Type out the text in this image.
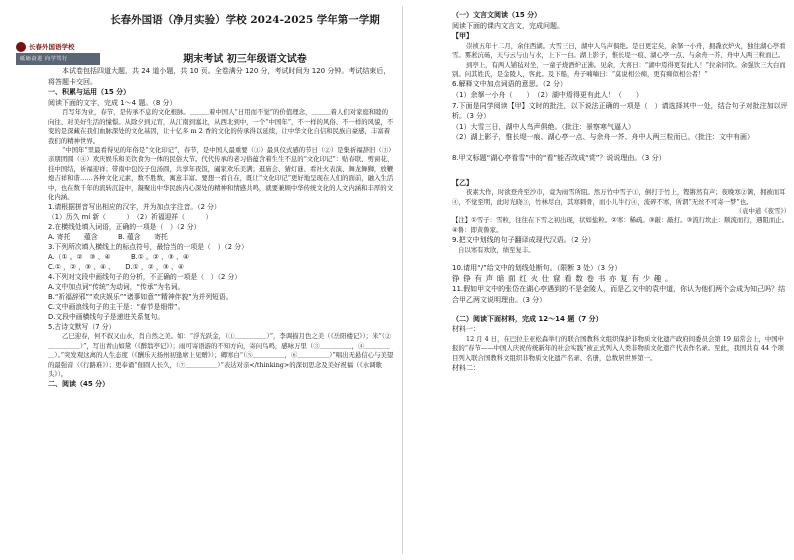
长春外国语学校
砥砺奋进 向学笃行
长春外国语（净月实验）学校 2024-2025 学年第一学期
期末考试 初三年级语文试卷

本试卷包括四道大题，共 24 道小题，共 10 页。全卷满分 120 分，考试时间为 120 分钟。考试结束后，将答题卡交回。

一、积累与运用（15 分）

阅读下面的文字，完成 1～4 题。（8 分）

百写年为业，春节，是传承不息的文化根脉。＿＿＿着中国人“日用而不觉”的价值理念，＿＿＿着人们对家庭和睦的向往、对美好生活的憧憬。从除夕到元宵，从江南到塞北，从西北到中，一个“中国年”，不一样的风俗、不一样的风貌，不变的是深藏在我们血脉深处的文化基因，让十亿多 m 2 香的文化的传承得以延续，让中华文化自信和民族自豪感，丰富着我们的精神世界。

“中国年”里最看得见的年俗是“文化印记”，春节，是中国人最重要（①）最具仪式感的节日（②）是集祈福辞旧（③）亲朋团圆（④）欢庆娱乐和美饮食为一体的民俗大节。代代传承的老习俗蕴含着生生不息的“文化印记”：贴春联、剪窗花、挂中国结，祈福迎祥；带南中包饺子包汤圆，共享年夜饭，阖家欢乐美满；逛庙会、猜灯谜、看社火表演、舞龙舞狮，放鞭炮吉祥和谐……各种文化元素，数不胜数，寓意丰富。要想一看自在，既让“文化印记”更好地呈现在人们的面前，融入生活中，也在数千年的流转沉淀中，凝聚出中华民族内心深处的精神和情感共鸣，就要兼顾中华传统文化的人文内涵和丰厚的文化内涵。

1.请根据拼音写出相应的汉字，并为加点字注音。（2 分）

（1）历久 mí 新（　　　）　（2）祈福迎祥（　　　）

2.在横线处填入词语，正确的一项是（　）（2 分）

A. 寄托　　蕴含　　　B. 蕴含　　寄托

3.下列所次填入横线上的标点符号，最恰当的一项是（　）（2 分）

A.（① 。②　③ 、④　　　B.① 。② 、③ 、④

C.① ，② ，③ 、④ 、　　D.① ，② ，③ 、④

4.下列对文段中画线句子的分析，不正确的一项是（　）（2 分）

A.文中加点词“传统”为动词，“传承”为名词。

B.“祈福辞邪”“欢庆娱乐”“诸事如意”“精神伴貌”为并列短语。

C.文中画浪线句子的主干是：“春节是细带”。

D.文段中画横线句子是递进关系复句。

5.古诗文默写（7 分）

乙巳迎春，何不叙又山水，肖自然之美。如：“浮光跃金，（①＿＿＿＿＿）”，李调描月色之美（《岳阳楼记》）；米“（②＿＿＿＿＿）”，写出青山如黛（《醉翁亭记》）；雨可寄语游的不知方向，寄问鸟鸣，感咏万里（③＿＿＿＿＿，④＿＿＿＿＿）。”突发观这离的人生态度（《酬乐天扬州初逢席上见赠》）；卿寒白“（⑤＿＿＿＿＿，⑥＿＿＿＿＿）”唱出无悬信心与美望的最强音（《行路难》）；更奉诵“佃圆人长久，（⑦＿＿＿＿＿）”表达对亲</thinking>的深切思念及美好祝福（《水调歌头》）。

二、阅读（45 分）

（一）文言文阅读（15 分）

阅读下面的课内文言文，完成问题。

【甲】

崇祯五年十二月，余住西湖。大雪三日，湖中人鸟声俱绝。是日更定矣，余拏一小舟，拥毳衣炉火，独往湖心亭看雪。雾凇沆砀，天与云与山与水，上下一白。湖上影子，惟长堤一痕、湖心亭一点、与余舟一芥、舟中人两三粒而已。

到亭上，有两人铺毡对坐，一童子烧酒炉正沸。见余，大喜曰：“湖中焉得更有此人！”拉余同饮。余强饮三大白而别。问其姓氏，是金陵人，客此。及下船，舟子喃喃曰：“莫说相公痴，更有痴似相公者！”

6.解释文中加点词语的意思。（2 分）

（1）余拏一小舟（　　）　（2）湖中焉得更有此人！（　　）

7.下面是同学阅读【甲】文时的批注，以下说法正确的一项是（　）请选择其中一处，结合句子对批注加以评析。（3 分）

（1）大雪三日，湖中人鸟声俱绝。（批注：景察寒气逼人）

（2）湖上影子，惟长堤一痕、湖心亭一点、与余舟一芥、舟中人两三粒而已。（批注：文中有画）

8.甲文标题“湖心亭看雪”中的“看”能否改成“赏”？说说理由。（3 分）

【乙】

夜素大作，时欲登舟至沙市，竟为雨雪所阻。然万竹中雪子①，倒打于竹上，铿锵然有声；夜晚寒②篱，拥被而耳④，不觉至明，此时光晓③，竹林尽白，其寒刺骨，而小儿牛行④，流碎不寒，所谓“无丝不可寄一梦”也。

（袁中道《夜雪》）

【注】①雪子：雪粒，往往在下雪之初出现，状如盐粒。②寒：稀疏。③敲：敲打。③流行坎止：顺流而行，遇阻而止。④鲁：即黄鲁家。

9.把文中划线的句子翻译成现代汉语。（2 分）

自以寒有欢欣，绩至复丰。

10.请用“/”给文中的划线处断句。（限断 3 处）（3 分）

铮 铮 有 声 暗 面 红 火 仕 窟 看 数 卷 书 亦 复 有 少 趣 。

11.假如甲文中的张岱在湖心亭遇到的不是金陵人，而是乙文中的袁中道，你认为他们两个会成为知己吗？结合甲乙两文说明理由。（3 分）

（二）阅读下面材料，完成 12～14 题（7 分）

材料一：

12 月 4 日，在巴拉圭亚松森举行的联合国教科文组织保护非物质文化遗产政府间委员会第 19 届常会上，中国申报的“春节——中国人庆祝传统新年的社会实践”被正式列入人类非物质文化遗产代表作名录。至此，我国共有 44 个项目列入联合国教科文组织非物质文化遗产名录、名册，总数居世界第一。

材料二：
